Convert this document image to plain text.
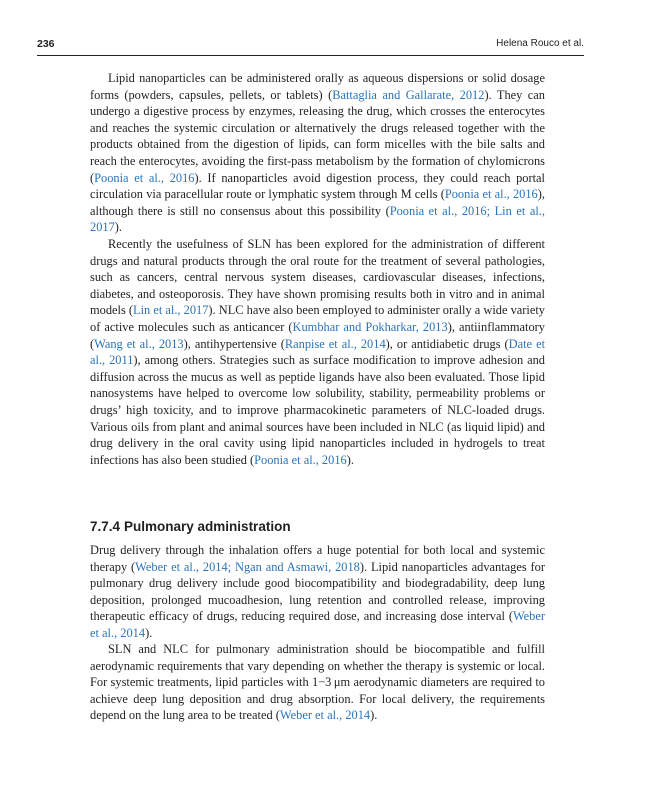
236	Helena Rouco et al.

Lipid nanoparticles can be administered orally as aqueous dispersions or solid dosage forms (powders, capsules, pellets, or tablets) (Battaglia and Gallarate, 2012). They can undergo a digestive process by enzymes, releasing the drug, which crosses the enterocytes and reaches the systemic circulation or alternatively the drugs released together with the products obtained from the digestion of lipids, can form micelles with the bile salts and reach the enterocytes, avoiding the first-pass metabolism by the formation of chylomicrons (Poonia et al., 2016). If nanoparticles avoid digestion process, they could reach portal circulation via paracellular route or lymphatic system through M cells (Poonia et al., 2016), although there is still no consensus about this possibility (Poonia et al., 2016; Lin et al., 2017).

Recently the usefulness of SLN has been explored for the administration of different drugs and natural products through the oral route for the treatment of several pathologies, such as cancers, central nervous system diseases, cardiovascular diseases, infections, diabetes, and osteoporosis. They have shown promising results both in vitro and in animal models (Lin et al., 2017). NLC have also been employed to administer orally a wide variety of active molecules such as anticancer (Kumbhar and Pokharkar, 2013), antiinflammatory (Wang et al., 2013), antihypertensive (Ranpise et al., 2014), or antidiabetic drugs (Date et al., 2011), among others. Strategies such as surface modification to improve adhesion and diffusion across the mucus as well as peptide ligands have also been evaluated. Those lipid nanosystems have helped to overcome low solubility, stability, permeability problems or drugs’ high toxicity, and to improve pharmacokinetic parameters of NLC-loaded drugs. Various oils from plant and animal sources have been included in NLC (as liquid lipid) and drug delivery in the oral cavity using lipid nanoparticles included in hydrogels to treat infections has also been studied (Poonia et al., 2016).

7.7.4 Pulmonary administration

Drug delivery through the inhalation offers a huge potential for both local and systemic therapy (Weber et al., 2014; Ngan and Asmawi, 2018). Lipid nanoparticles advantages for pulmonary drug delivery include good biocompatibility and biodegradability, deep lung deposition, prolonged mucoadhesion, lung retention and controlled release, improving therapeutic efficacy of drugs, reducing required dose, and increasing dose interval (Weber et al., 2014).

SLN and NLC for pulmonary administration should be biocompatible and fulfill aerodynamic requirements that vary depending on whether the therapy is systemic or local. For systemic treatments, lipid particles with 1−3 μm aerodynamic diameters are required to achieve deep lung deposition and drug absorption. For local delivery, the requirements depend on the lung area to be treated (Weber et al., 2014).
